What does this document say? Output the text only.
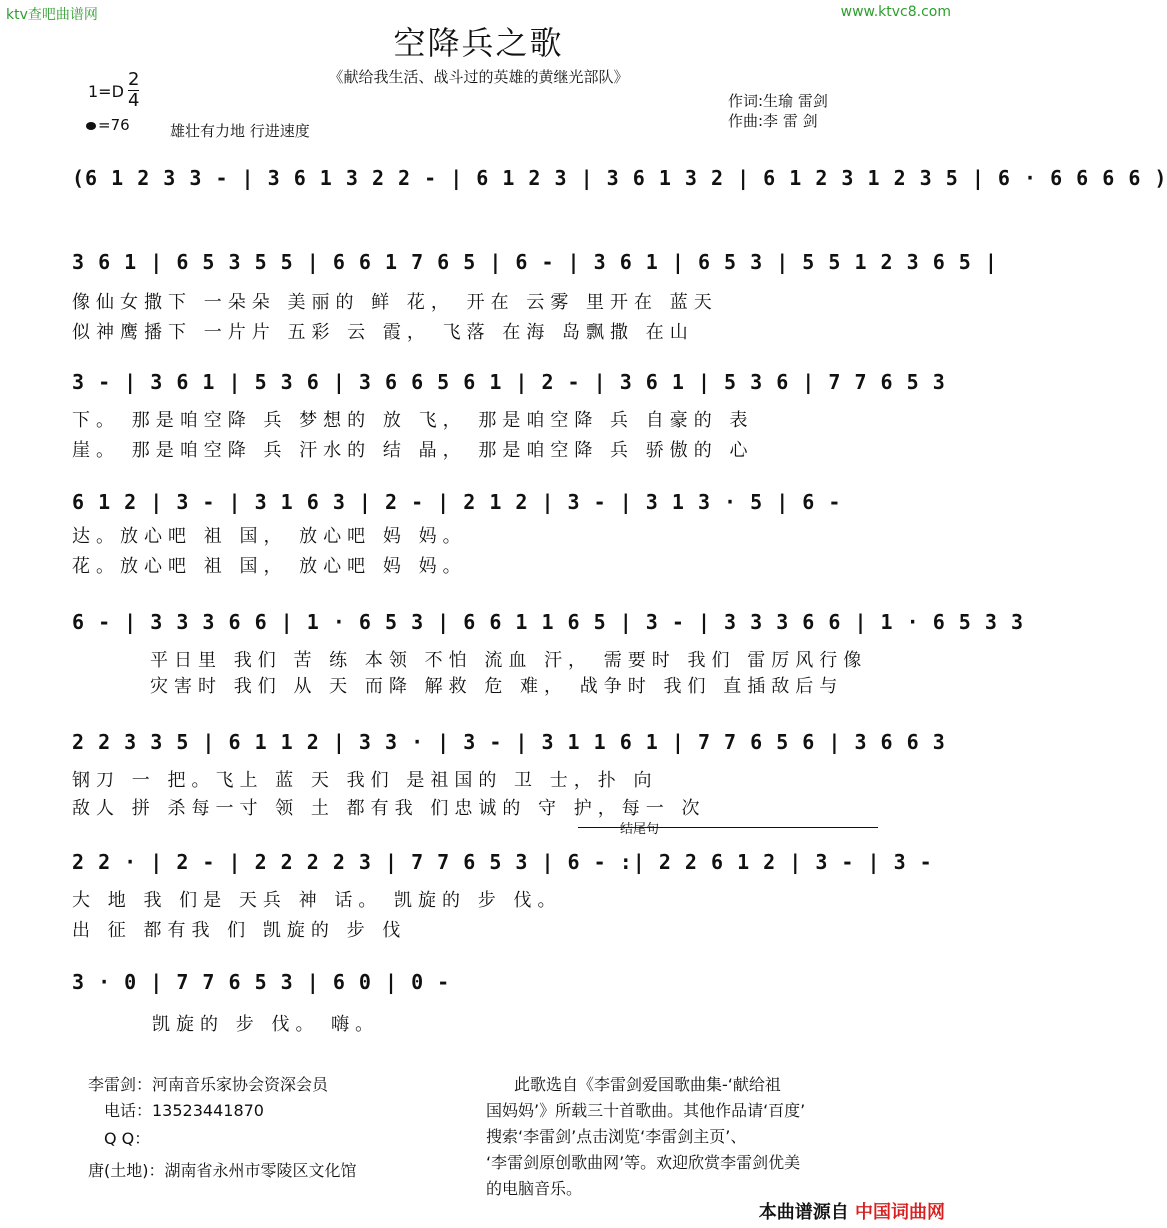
ktv查吧曲谱网	www.ktvc8.com
空降兵之歌
《献给我生活、战斗过的英雄的黄继光部队》
1=D
2
4
=76	雄壮有力地 行进速度
作词:生瑜 雷剑
作曲:李 雷 剑
(6 1 2 3 3 - | 3 6 1 3 2 2 - | 6 1 2 3 | 3 6 1 3 2 | 6 1 2 3 1 2 3 5 | 6 · 6 6 6 6 )
3 6 1 | 6 5 3 5 5 | 6 6 1 7 6 5 | 6 - | 3 6 1 | 6 5 3 | 5 5 1 2 3 6 5 |
像仙女撒下 一朵朵 美丽的 鲜 花， 开在 云雾 里开在 蓝天
似神鹰播下 一片片 五彩 云 霞， 飞落 在海 岛飘撒 在山
3 - | 3 6 1 | 5 3 6 | 3 6 6 5 6 1 | 2 - | 3 6 1 | 5 3 6 | 7 7 6 5 3
下。 那是咱空降 兵 梦想的 放 飞， 那是咱空降 兵 自豪的 表
崖。 那是咱空降 兵 汗水的 结 晶， 那是咱空降 兵 骄傲的 心
6 1 2 | 3 - | 3 1 6 3 | 2 - | 2 1 2 | 3 - | 3 1 3 · 5 | 6 -
达。放心吧 祖 国， 放心吧 妈 妈。
花。放心吧 祖 国， 放心吧 妈 妈。
6 - | 3 3 3 6 6 | 1 · 6 5 3 | 6 6 1 1 6 5 | 3 - | 3 3 3 6 6 | 1 · 6 5 3 3
平日里 我们 苦 练 本领 不怕 流血 汗， 需要时 我们 雷厉风行像
灾害时 我们 从 天 而降 解救 危 难， 战争时 我们 直插敌后与
2 2 3 3 5 | 6 1 1 2 | 3 3 · | 3 - | 3 1 1 6 1 | 7 7 6 5 6 | 3 6 6 3
钢刀 一 把。飞上 蓝 天 我们 是祖国的 卫 士，扑 向
敌人 拼 杀每一寸 领 土 都有我 们忠诚的 守 护，每一 次
结尾句
2 2 · | 2 - | 2 2 2 2 3 | 7 7 6 5 3 | 6 - :| 2 2 6 1 2 | 3 - | 3 -
大 地 我 们是 天兵 神 话。 凯旋的 步 伐。
出 征 都有我 们 凯旋的 步 伐
3 · 0 | 7 7 6 5 3 | 6 0 | 0 -
凯旋的 步 伐。 嗨。
李雷剑：河南音乐家协会资深会员
电话：13523441870
Q Q：
唐(土地)：湖南省永州市零陵区文化馆
此歌选自《李雷剑爱国歌曲集-‘献给祖
国妈妈’》所载三十首歌曲。其他作品请‘百度’
搜索‘李雷剑’点击浏览‘李雷剑主页’、
‘李雷剑原创歌曲网’等。欢迎欣赏李雷剑优美
的电脑音乐。
本曲谱源自 中国词曲网
